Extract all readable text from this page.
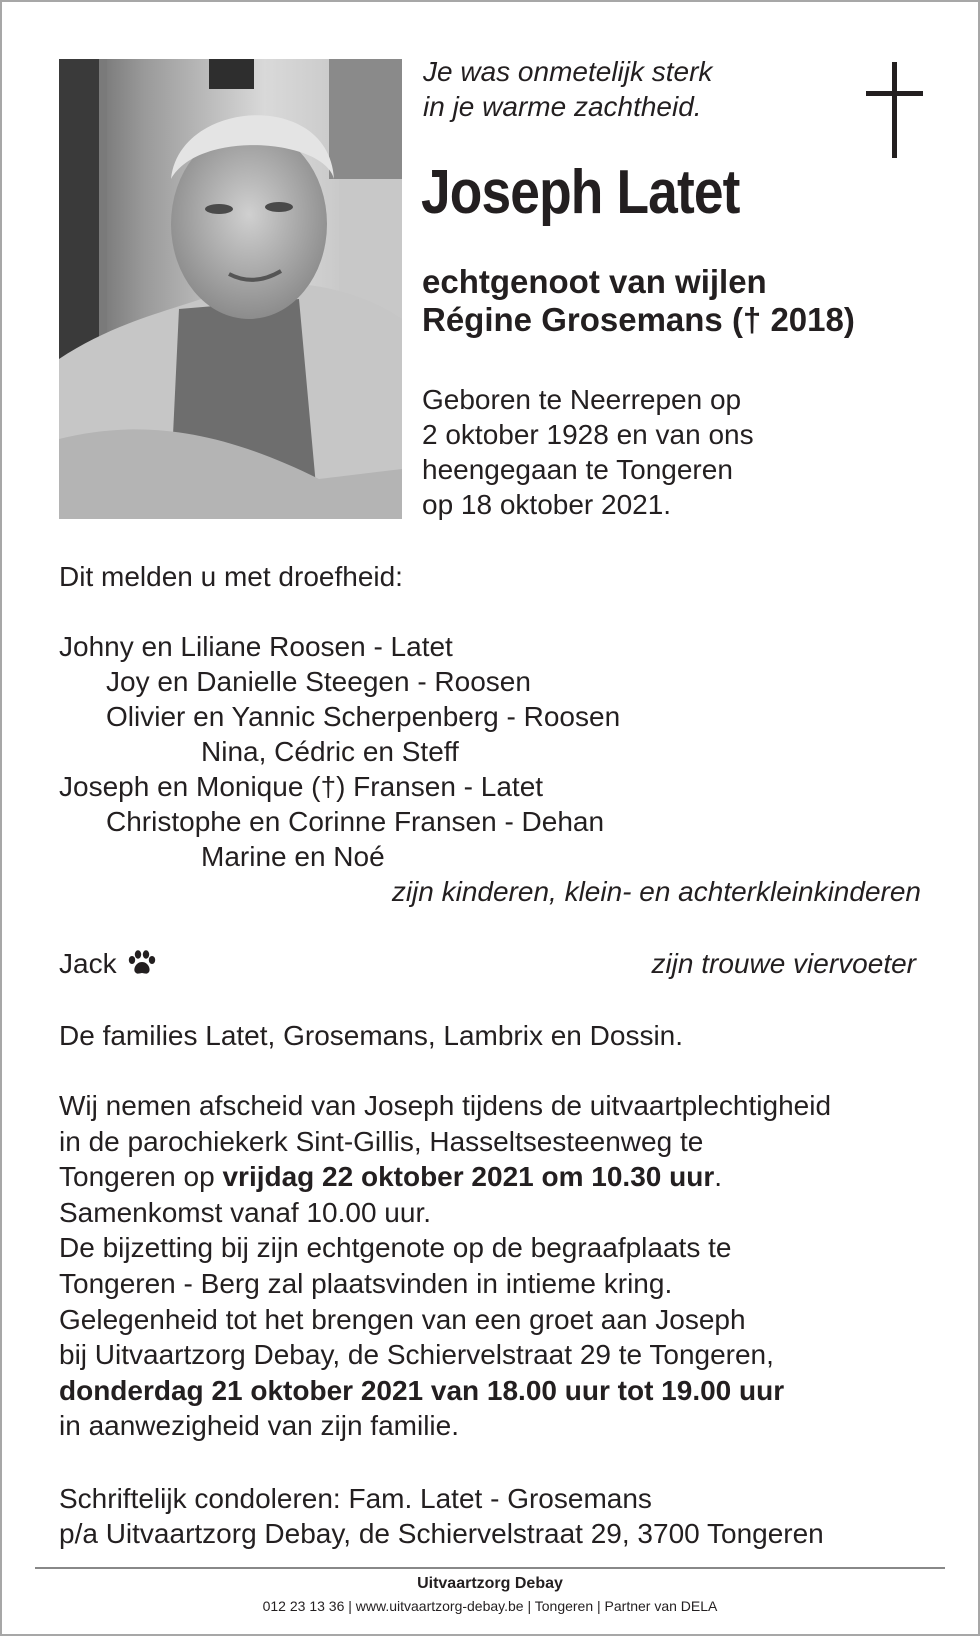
Je was onmetelijk sterk
in je warme zachtheid.
Joseph Latet
echtgenoot van wijlen
Régine Grosemans († 2018)
Geboren te Neerrepen op
2 oktober 1928 en van ons
heengegaan te Tongeren
op 18 oktober 2021.
Dit melden u met droefheid:
Johny en Liliane Roosen - Latet
Joy en Danielle Steegen - Roosen
Olivier en Yannic Scherpenberg - Roosen
Nina, Cédric en Steff
Joseph en Monique (†) Fransen - Latet
Christophe en Corinne Fransen - Dehan
Marine en Noé
zijn kinderen, klein- en achterkleinkinderen
Jack	zijn trouwe viervoeter
De families Latet, Grosemans, Lambrix en Dossin.
Wij nemen afscheid van Joseph tijdens de uitvaartplechtigheid
in de parochiekerk Sint-Gillis, Hasseltsesteenweg te
Tongeren op vrijdag 22 oktober 2021 om 10.30 uur.
Samenkomst vanaf 10.00 uur.
De bijzetting bij zijn echtgenote op de begraafplaats te
Tongeren - Berg zal plaatsvinden in intieme kring.
Gelegenheid tot het brengen van een groet aan Joseph
bij Uitvaartzorg Debay, de Schiervelstraat 29 te Tongeren,
donderdag 21 oktober 2021 van 18.00 uur tot 19.00 uur
in aanwezigheid van zijn familie.
Schriftelijk condoleren: Fam. Latet - Grosemans
p/a Uitvaartzorg Debay, de Schiervelstraat 29, 3700 Tongeren
Uitvaartzorg Debay
012 23 13 36 | www.uitvaartzorg-debay.be | Tongeren | Partner van DELA
